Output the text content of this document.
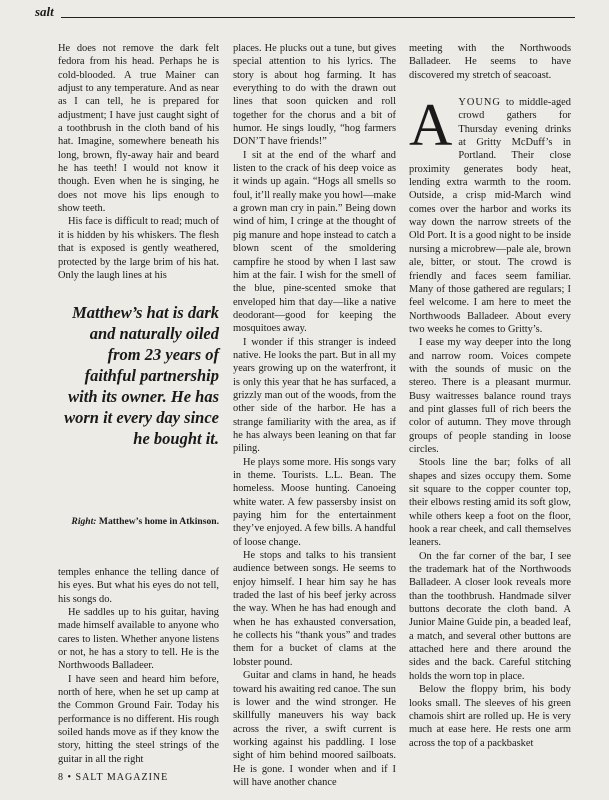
salt

He does not remove the dark felt fedora from his head. Perhaps he is cold-blooded. A true Mainer can adjust to any temperature. And as near as I can tell, he is prepared for adjustment; I have just caught sight of a toothbrush in the cloth band of his hat. Imagine, somewhere beneath his long, brown, fly-away hair and beard he has teeth! I would not know it though. Even when he is singing, he does not move his lips enough to show teeth.

His face is difficult to read; much of it is hidden by his whiskers. The flesh that is exposed is gently weathered, protected by the large brim of his hat. Only the laugh lines at his

Matthew’s hat is dark and naturally oiled from 23 years of faithful partnership with its owner. He has worn it every day since he bought it.

Right: Matthew’s home in Atkinson.

places. He plucks out a tune, but gives special attention to his lyrics. The story is about hog farming. It has everything to do with the drawn out lines that soon quicken and roll together for the chorus and a bit of humor. He sings loudly, “hog farmers DON’T have friends!”

I sit at the end of the wharf and listen to the crack of his deep voice as it winds up again. “Hogs all smells so foul, it’ll really make you howl—make a grown man cry in pain.” Being down wind of him, I cringe at the thought of pig manure and hope instead to catch a blown scent of the smoldering campfire he stood by when I last saw him at the fair. I wish for the smell of the blue, pine-scented smoke that enveloped him that day—like a native deodorant—good for keeping the mosquitoes away.

I wonder if this stranger is indeed native. He looks the part. But in all my years growing up on the waterfront, it is only this year that he has surfaced, a grizzly man out of the woods, from the other side of the harbor. He has a strange familiarity with the area, as if he has always been leaning on that far piling.

He plays some more. His songs vary in theme. Tourists. L.L. Bean. The homeless. Moose hunting. Canoeing white water. A few passersby insist on paying him for the entertainment they’ve enjoyed. A few bills. A handful of loose change.

He stops and talks to his transient audience between songs. He seems to enjoy himself. I hear him say he has traded the last of his beef jerky across the way. When he has had enough and when he has exhausted conversation, he collects his “thank yous” and trades them for a bucket of clams at the lobster pound.

Guitar and clams in hand, he heads toward his awaiting red canoe. The sun is lower and the wind stronger. He skillfully maneuvers his way back across the river, a swift current is working against his paddling. I lose sight of him behind moored sailboats. He is gone. I wonder when and if I will have another chance

meeting with the Northwoods Balladeer. He seems to have discovered my stretch of seacoast.

AYOUNG to middle-aged crowd gathers for Thursday evening drinks at Gritty McDuff’s in Portland. Their close proximity generates body heat, lending extra warmth to the room. Outside, a crisp mid-March wind comes over the harbor and works its way down the narrow streets of the Old Port. It is a good night to be inside nursing a microbrew—pale ale, brown ale, bitter, or stout. The crowd is friendly and faces seem familiar. Many of those gathered are regulars; I feel welcome. I am here to meet the Northwoods Balladeer. About every two weeks he comes to Gritty’s.

I ease my way deeper into the long and narrow room. Voices compete with the sounds of music on the stereo. There is a pleasant murmur. Busy waitresses balance round trays and pint glasses full of rich beers the color of autumn. They move through groups of people standing in loose circles.

Stools line the bar; folks of all shapes and sizes occupy them. Some sit square to the copper counter top, their elbows resting amid its soft glow, while others keep a foot on the floor, hook a rear cheek, and call themselves leaners.

On the far corner of the bar, I see the trademark hat of the Northwoods Balladeer. A closer look reveals more than the toothbrush. Handmade silver buttons decorate the cloth band. A Junior Maine Guide pin, a beaded leaf, a match, and several other buttons are attached here and there around the sides and the back. Careful stitching holds the worn top in place.

Below the floppy brim, his body looks small. The sleeves of his green chamois shirt are rolled up. He is very much at ease here. He rests one arm across the top of a packbasket

8 • SALT MAGAZINE

temples enhance the telling dance of his eyes. But what his eyes do not tell, his songs do.

He saddles up to his guitar, having made himself available to anyone who cares to listen. Whether anyone listens or not, he has a story to tell. He is the Northwoods Balladeer.

I have seen and heard him before, north of here, when he set up camp at the Common Ground Fair. Today his performance is no different. His rough soiled hands move as if they know the story, hitting the steel strings of the guitar in all the right
